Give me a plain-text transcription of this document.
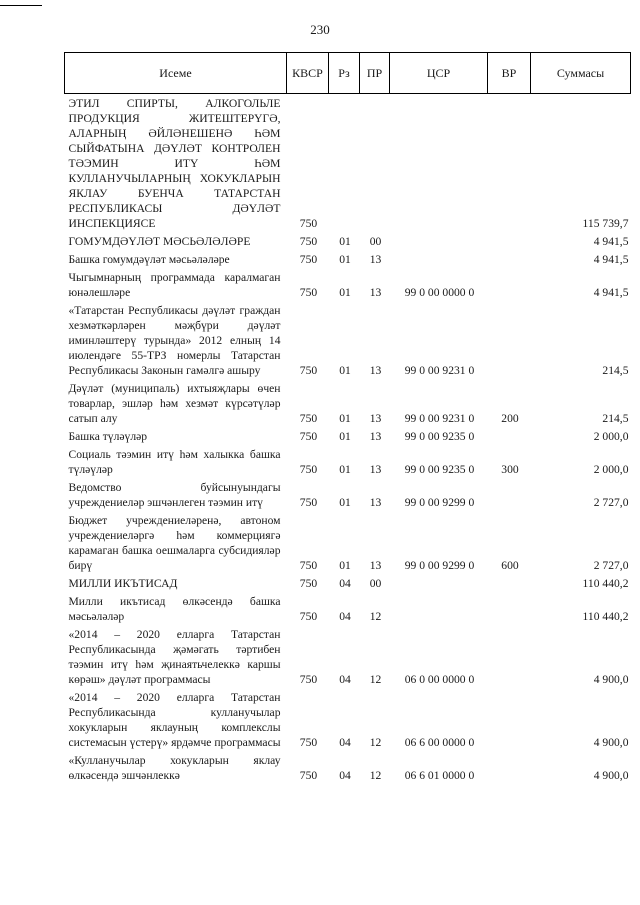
230
Исеме	КВСР	Рз	ПР	ЦСР	ВР	Суммасы
ЭТИЛ СПИРТЫ, АЛКОГОЛЬЛЕ ПРОДУКЦИЯ ЖИТЕШТЕРҮГӘ, АЛАРНЫҢ ӘЙЛӘНЕШЕНӘ ҺӘМ СЫЙФАТЫНА ДӘҮЛӘТ КОНТРОЛЕН ТӘЭМИН ИТҮ ҺӘМ КУЛЛАНУЧЫЛАРНЫҢ ХОКУКЛАРЫН ЯКЛАУ БУЕНЧА ТАТАРСТАН РЕСПУБЛИКАСЫ ДӘҮЛӘТ ИНСПЕКЦИЯСЕ	750					115 739,7
ГОМУМДӘҮЛӘТ МӘСЬӘЛӘЛӘРЕ	750	01	00			4 941,5
Башка гомумдәүләт мәсьәләләре	750	01	13			4 941,5
Чыгымнарның программада каралмаган юнәлешләре	750	01	13	99 0 00 0000 0		4 941,5
«Татарстан Республикасы дәүләт граждан хезмәткәрләрен мәҗбүри дәүләт иминләштерү турында» 2012 елның 14 июлендәге 55-ТРЗ номерлы Татарстан Республикасы Законын гамәлгә ашыру	750	01	13	99 0 00 9231 0		214,5
Дәүләт (муниципаль) ихтыяҗлары өчен товарлар, эшләр һәм хезмәт күрсәтүләр сатып алу	750	01	13	99 0 00 9231 0	200	214,5
Башка түләүләр	750	01	13	99 0 00 9235 0		2 000,0
Социаль тәэмин итү һәм халыкка башка түләүләр	750	01	13	99 0 00 9235 0	300	2 000,0
Ведомство буйсынуындагы учреждениеләр эшчәнлеген тәэмин итү	750	01	13	99 0 00 9299 0		2 727,0
Бюджет учреждениеләренә, автоном учреждениеләргә һәм коммерциягә карамаган башка оешмаларга субсидияләр бирү	750	01	13	99 0 00 9299 0	600	2 727,0
МИЛЛИ ИКЪТИСАД	750	04	00			110 440,2
Милли икътисад өлкәсендә башка мәсьәләләр	750	04	12			110 440,2
«2014 – 2020 елларга Татарстан Республикасында җәмәгать тәртибен тәэмин итү һәм җинаятьчелеккә каршы көрәш» дәүләт программасы	750	04	12	06 0 00 0000 0		4 900,0
«2014 – 2020 елларга Татарстан Республикасында кулланучылар хокукларын яклауның комплекслы системасын үстерү» ярдәмче программасы	750	04	12	06 6 00 0000 0		4 900,0
«Кулланучылар хокукларын яклау өлкәсендә эшчәнлеккә	750	04	12	06 6 01 0000 0		4 900,0
